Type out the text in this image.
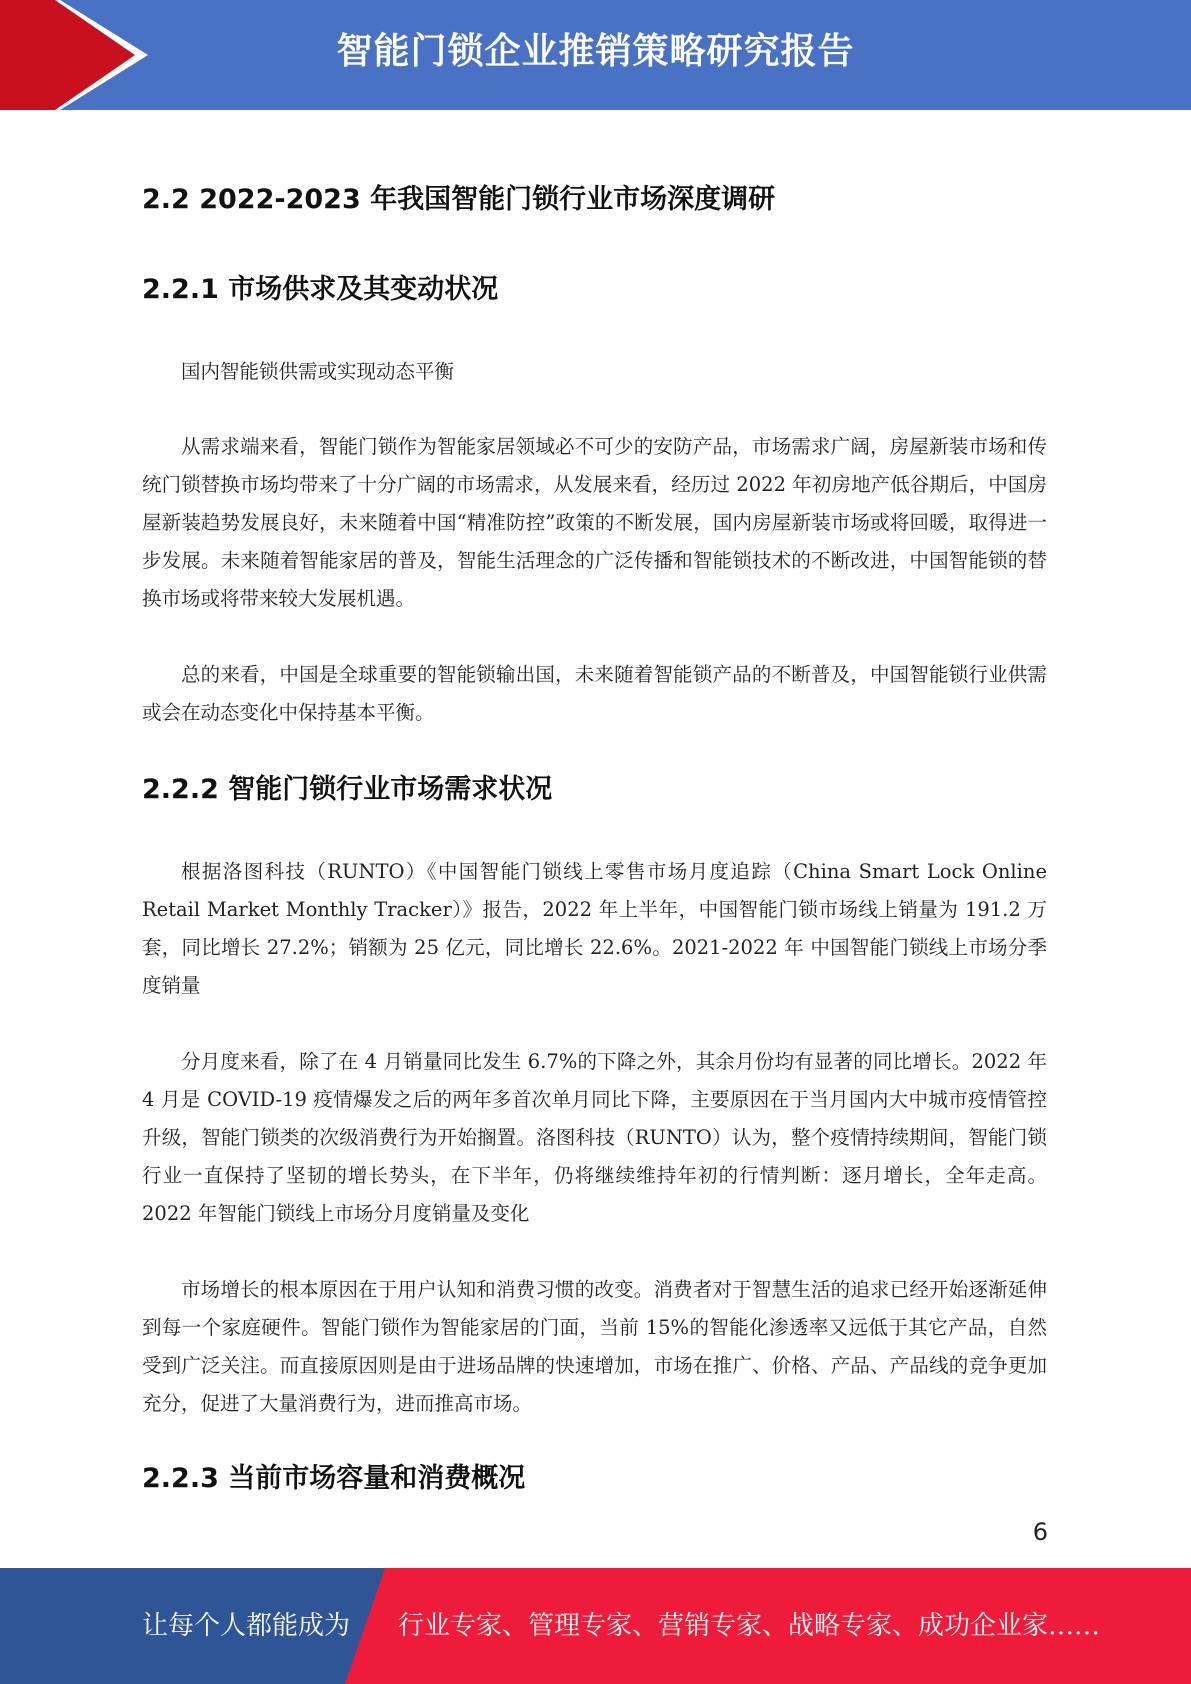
智能门锁企业推销策略研究报告
2.2 2022-2023 年我国智能门锁行业市场深度调研
2.2.1 市场供求及其变动状况

国内智能锁供需或实现动态平衡

从需求端来看，智能门锁作为智能家居领域必不可少的安防产品，市场需求广阔，房屋新装市场和传统门锁替换市场均带来了十分广阔的市场需求，从发展来看，经历过 2022 年初房地产低谷期后，中国房屋新装趋势发展良好，未来随着中国“精准防控”政策的不断发展，国内房屋新装市场或将回暖，取得进一步发展。未来随着智能家居的普及，智能生活理念的广泛传播和智能锁技术的不断改进，中国智能锁的替换市场或将带来较大发展机遇。

总的来看，中国是全球重要的智能锁输出国，未来随着智能锁产品的不断普及，中国智能锁行业供需或会在动态变化中保持基本平衡。

2.2.2 智能门锁行业市场需求状况

根据洛图科技（RUNTO）《中国智能门锁线上零售市场月度追踪（China Smart Lock Online Retail Market Monthly Tracker）》报告，2022 年上半年，中国智能门锁市场线上销量为 191.2 万套，同比增长 27.2%；销额为 25 亿元，同比增长 22.6%。2021-2022 年 中国智能门锁线上市场分季度销量

分月度来看，除了在 4 月销量同比发生 6.7%的下降之外，其余月份均有显著的同比增长。2022 年 4 月是 COVID-19 疫情爆发之后的两年多首次单月同比下降，主要原因在于当月国内大中城市疫情管控升级，智能门锁类的次级消费行为开始搁置。洛图科技（RUNTO）认为，整个疫情持续期间，智能门锁行业一直保持了坚韧的增长势头，在下半年，仍将继续维持年初的行情判断：逐月增长，全年走高。2022 年智能门锁线上市场分月度销量及变化

市场增长的根本原因在于用户认知和消费习惯的改变。消费者对于智慧生活的追求已经开始逐渐延伸到每一个家庭硬件。智能门锁作为智能家居的门面，当前 15%的智能化渗透率又远低于其它产品，自然受到广泛关注。而直接原因则是由于进场品牌的快速增加，市场在推广、价格、产品、产品线的竞争更加充分，促进了大量消费行为，进而推高市场。

2.2.3 当前市场容量和消费概况
6
让每个人都能成为 行业专家、管理专家、营销专家、战略专家、成功企业家……
